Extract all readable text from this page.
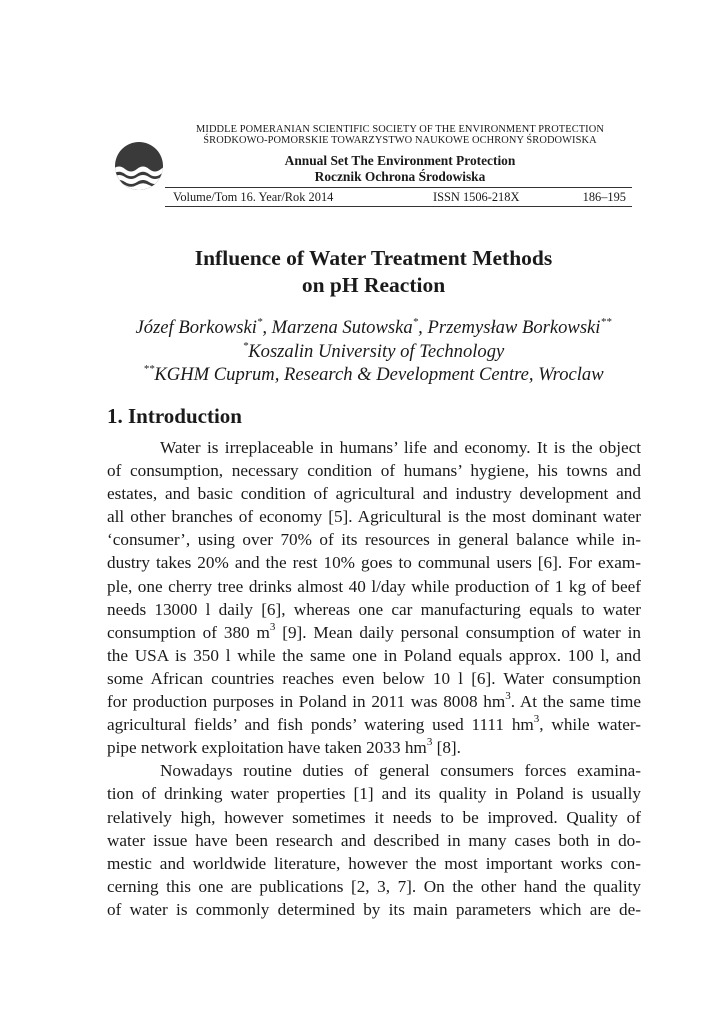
MIDDLE POMERANIAN SCIENTIFIC SOCIETY OF THE ENVIRONMENT PROTECTION
ŚRODKOWO-POMORSKIE TOWARZYSTWO NAUKOWE OCHRONY ŚRODOWISKA
Annual Set The Environment Protection
Rocznik Ochrona Środowiska
Volume/Tom 16. Year/Rok 2014	ISSN 1506-218X	186–195
Influence of Water Treatment Methods
on pH Reaction
Józef Borkowski*, Marzena Sutowska*, Przemysław Borkowski**
*Koszalin University of Technology
**KGHM Cuprum, Research & Development Centre, Wroclaw
1. Introduction
Water is irreplaceable in humans’ life and economy. It is the object
of consumption, necessary condition of humans’ hygiene, his towns and
estates, and basic condition of agricultural and industry development and
all other branches of economy [5]. Agricultural is the most dominant water
‘consumer’, using over 70% of its resources in general balance while in-
dustry takes 20% and the rest 10% goes to communal users [6]. For exam-
ple, one cherry tree drinks almost 40 l/day while production of 1 kg of beef
needs 13000 l daily [6], whereas one car manufacturing equals to water
consumption of 380 $m^3$ [9]. Mean daily personal consumption of water in
the USA is 350 l while the same one in Poland equals approx. 100 l, and
some African countries reaches even below 10 l [6]. Water consumption
for production purposes in Poland in 2011 was 8008 $hm^3$. At the same time
agricultural fields’ and fish ponds’ watering used 1111 $hm^3$, while water-
pipe network exploitation have taken 2033 $hm^3$ [8].
Nowadays routine duties of general consumers forces examina-
tion of drinking water properties [1] and its quality in Poland is usually
relatively high, however sometimes it needs to be improved. Quality of
water issue have been research and described in many cases both in do-
mestic and worldwide literature, however the most important works con-
cerning this one are publications [2, 3, 7]. On the other hand the quality
of water is commonly determined by its main parameters which are de-
